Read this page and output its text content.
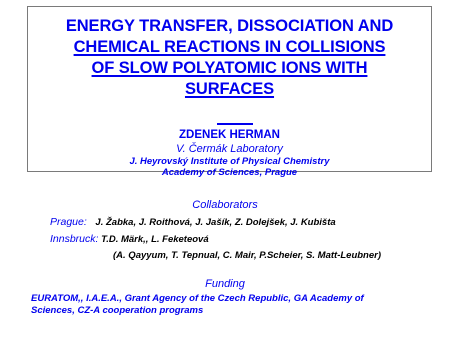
ENERGY TRANSFER, DISSOCIATION AND
CHEMICAL REACTIONS IN COLLISIONS
OF SLOW POLYATOMIC IONS WITH
SURFACES
ZDENEK HERMAN
V. Čermák Laboratory
J. Heyrovský Institute of Physical Chemistry
Academy of Sciences, Prague
Collaborators
Prague: J. Žabka, J. Roithová, J. Jašík, Z. Dolejšek, J. Kubišta
Innsbruck: T.D. Märk,, L. Feketeová
(A. Qayyum, T. Tepnual, C. Mair, P.Scheier, S. Matt-Leubner)
Funding
EURATOM,, I.A.E.A., Grant Agency of the Czech Republic, GA Academy of
Sciences, CZ-A cooperation programs
